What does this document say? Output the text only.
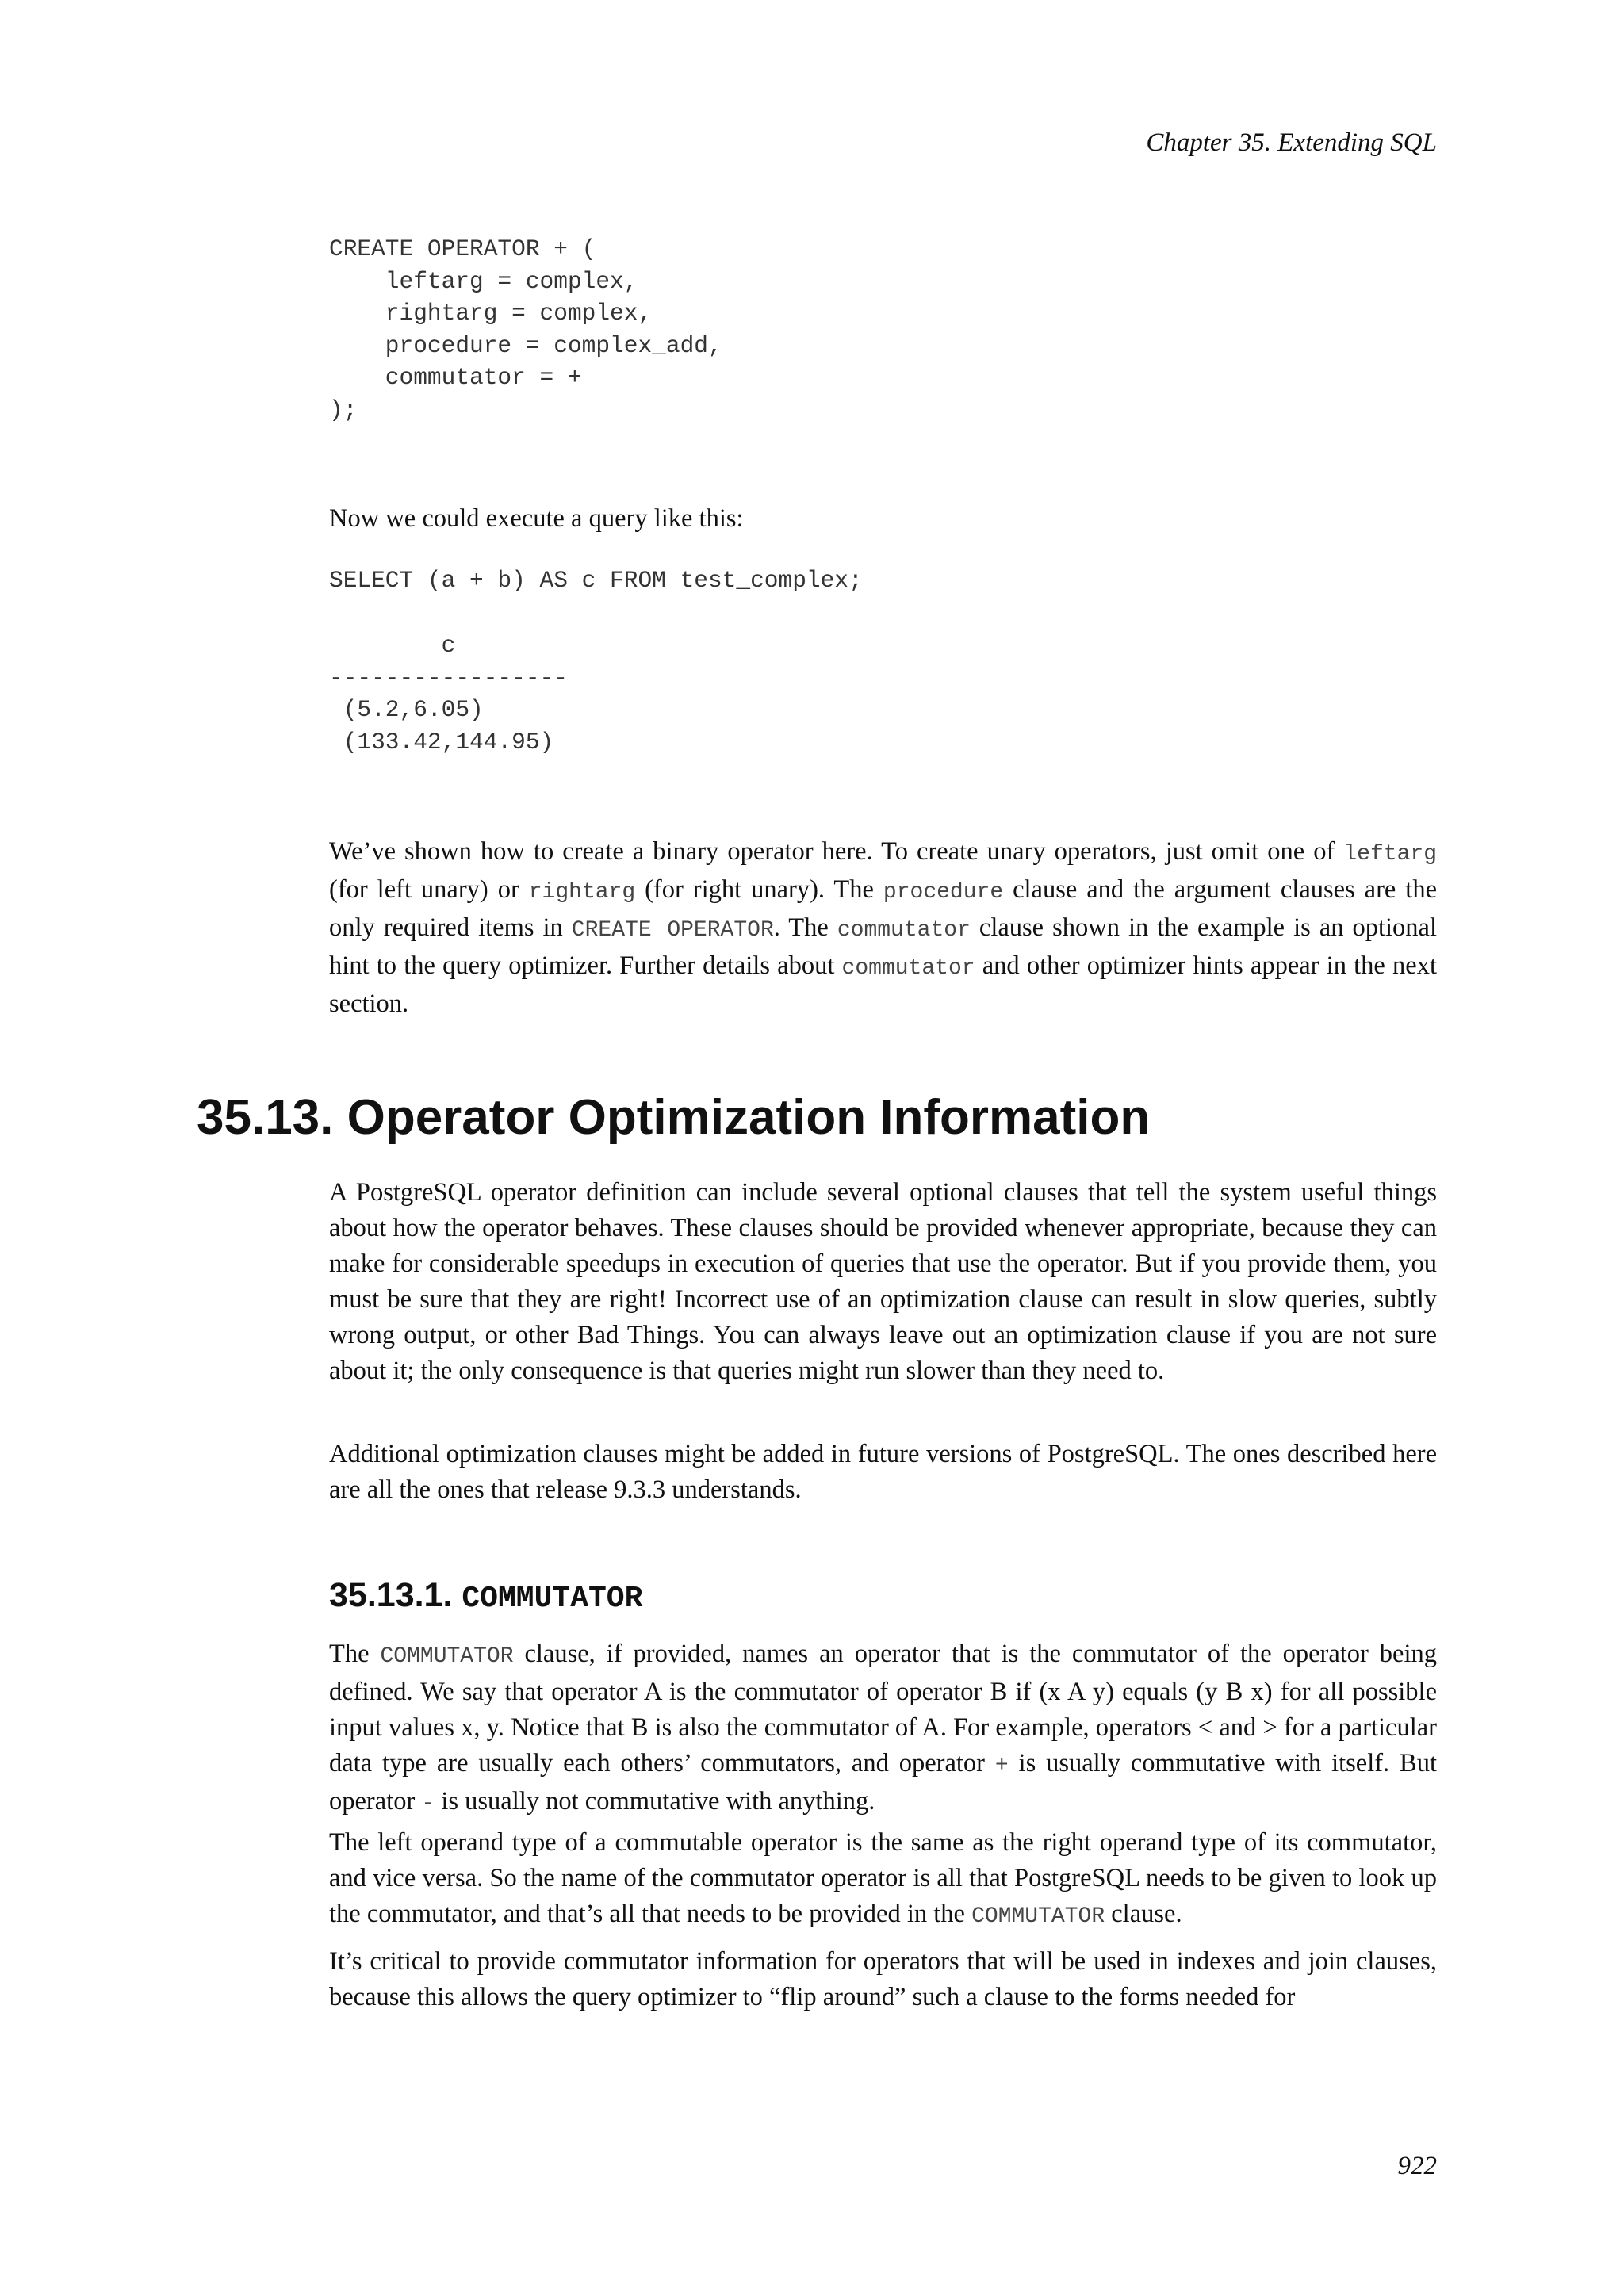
Chapter 35. Extending SQL
CREATE OPERATOR + (
leftarg = complex,
rightarg = complex,
procedure = complex_add,
commutator = +
);

Now we could execute a query like this:

SELECT (a + b) AS c FROM test_complex;
c
-----------------
(5.2,6.05)
(133.42,144.95)

We’ve shown how to create a binary operator here. To create unary operators, just omit one of leftarg (for left unary) or rightarg (for right unary). The procedure clause and the argument clauses are the only required items in CREATE OPERATOR. The commutator clause shown in the example is an optional hint to the query optimizer. Further details about commutator and other optimizer hints appear in the next section.

35.13. Operator Optimization Information

A PostgreSQL operator definition can include several optional clauses that tell the system useful things about how the operator behaves. These clauses should be provided whenever appropriate, because they can make for considerable speedups in execution of queries that use the operator. But if you provide them, you must be sure that they are right! Incorrect use of an optimization clause can result in slow queries, subtly wrong output, or other Bad Things. You can always leave out an optimization clause if you are not sure about it; the only consequence is that queries might run slower than they need to.

Additional optimization clauses might be added in future versions of PostgreSQL. The ones described here are all the ones that release 9.3.3 understands.

35.13.1. COMMUTATOR

The COMMUTATOR clause, if provided, names an operator that is the commutator of the operator being defined. We say that operator A is the commutator of operator B if (x A y) equals (y B x) for all possible input values x, y. Notice that B is also the commutator of A. For example, operators < and > for a particular data type are usually each others’ commutators, and operator + is usually commutative with itself. But operator - is usually not commutative with anything.

The left operand type of a commutable operator is the same as the right operand type of its commutator, and vice versa. So the name of the commutator operator is all that PostgreSQL needs to be given to look up the commutator, and that’s all that needs to be provided in the COMMUTATOR clause.

It’s critical to provide commutator information for operators that will be used in indexes and join clauses, because this allows the query optimizer to “flip around” such a clause to the forms needed for

922
